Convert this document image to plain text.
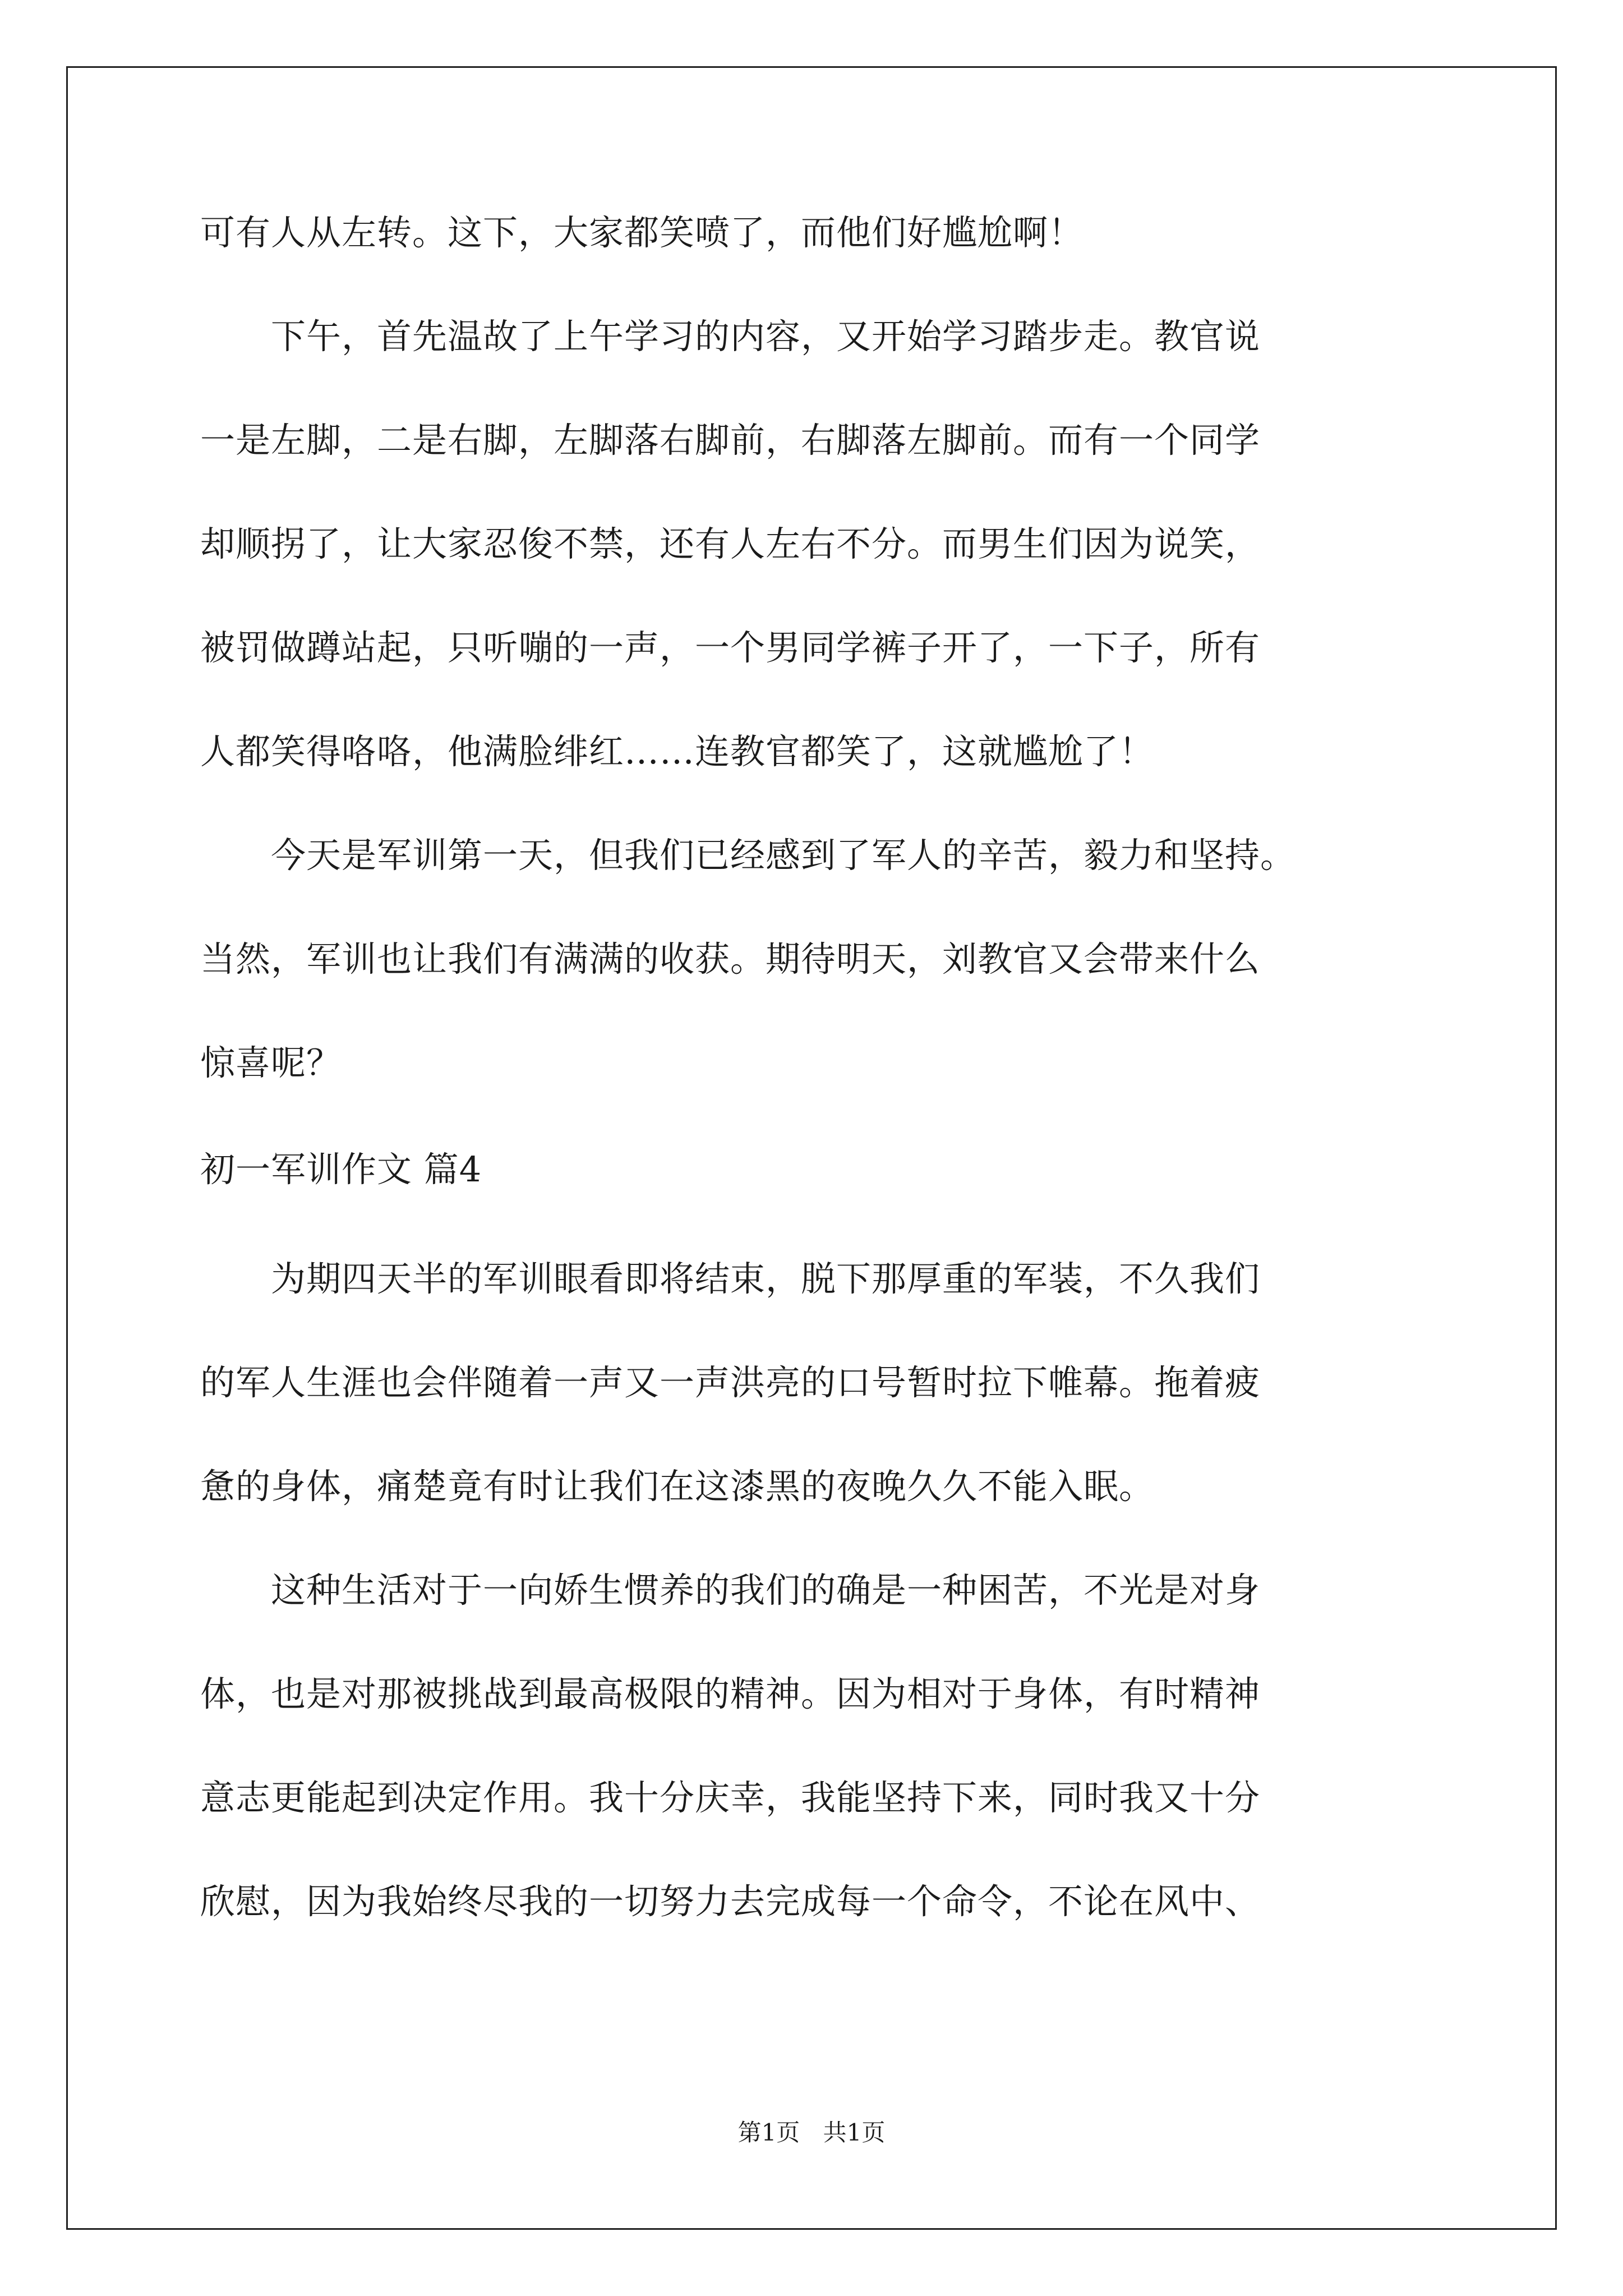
可有人从左转。这下，大家都笑喷了，而他们好尴尬啊！
　　下午，首先温故了上午学习的内容，又开始学习踏步走。教官说
一是左脚，二是右脚，左脚落右脚前，右脚落左脚前。而有一个同学
却顺拐了，让大家忍俊不禁，还有人左右不分。而男生们因为说笑，
被罚做蹲站起，只听嘣的一声，一个男同学裤子开了，一下子，所有
人都笑得咯咯，他满脸绯红……连教官都笑了，这就尴尬了！
　　今天是军训第一天，但我们已经感到了军人的辛苦，毅力和坚持。
当然，军训也让我们有满满的收获。期待明天，刘教官又会带来什么
惊喜呢？
初一军训作文 篇4
　　为期四天半的军训眼看即将结束，脱下那厚重的军装，不久我们
的军人生涯也会伴随着一声又一声洪亮的口号暂时拉下帷幕。拖着疲
惫的身体，痛楚竟有时让我们在这漆黑的夜晚久久不能入眠。
　　这种生活对于一向娇生惯养的我们的确是一种困苦，不光是对身
体，也是对那被挑战到最高极限的精神。因为相对于身体，有时精神
意志更能起到决定作用。我十分庆幸，我能坚持下来，同时我又十分
欣慰，因为我始终尽我的一切努力去完成每一个命令，不论在风中、
第1页 共1页
